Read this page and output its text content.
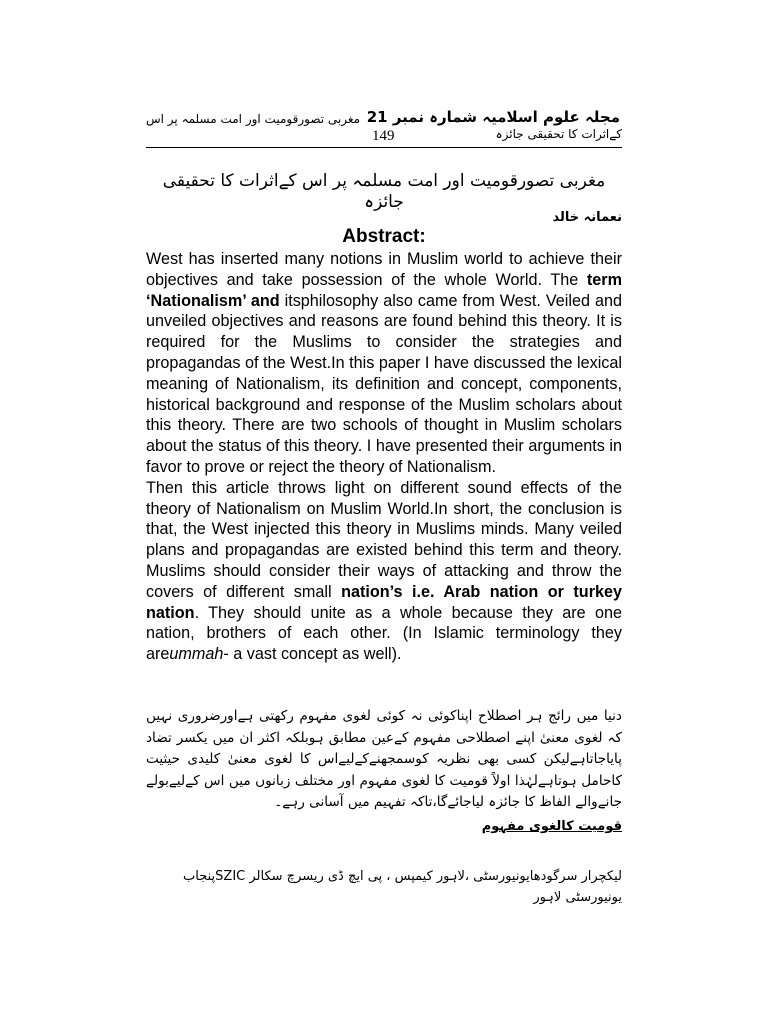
مجلہ علوم اسلامیہ شمارہ نمبر 21
مغربی تصورقومیت اور امت مسلمہ پر اس
کےاثرات کا تحقیقی جائزہ
149
مغربی تصورقومیت اور امت مسلمہ پر اس کےاثرات کا تحقیقی جائزہ
نعمانہ خالد
Abstract:

West has inserted many notions in Muslim world to achieve their objectives and take possession of the whole World. The term ‘Nationalism’ and itsphilosophy also came from West. Veiled and unveiled objectives and reasons are found behind this theory. It is required for the Muslims to consider the strategies and propagandas of the West.In this paper I have discussed the lexical meaning of Nationalism, its definition and concept, components, historical background and response of the Muslim scholars about this theory. There are two schools of thought in Muslim scholars about the status of this theory. I have presented their arguments in favor to prove or reject the theory of Nationalism.

Then this article throws light on different sound effects of the theory of Nationalism on Muslim World.In short, the conclusion is that, the West injected this theory in Muslims minds. Many veiled plans and propagandas are existed behind this term and theory. Muslims should consider their ways of attacking and throw the covers of different small nation’s i.e. Arab nation or turkey nation. They should unite as a whole because they are one nation, brothers of each other. (In Islamic terminology they areummah- a vast concept as well).

دنیا میں رائج ہر اصطلاح اپناکوئی نہ کوئی لغوی مفہوم رکھتی ہےاورضروری نہیں کہ لغوی معنیٰ اپنے اصطلاحی مفہوم کےعین مطابق ہوبلکہ اکثر ان میں یکسر تضاد پایاجاتاہےلیکن کسی بھی نظریہ کوسمجھنےکےلیےاس کا لغوی معنیٰ کلیدی حیثیت کاحامل ہوتاہےلہٰذا اولاً قومیت کا لغوی مفہوم اور مختلف زبانوں میں اس کےلیےبولے جانےوالے الفاظ کا جائزہ لیاجائےگا،تاکہ تفہیم میں آسانی رہے۔
قومیت کالغوی مفہوم
لیکچرار سرگودھایونیورسٹی ،لاہور کیمپس ، پی ایچ ڈی ریسرچ سکالر SZICپنجاب یونیورسٹی لاہور
